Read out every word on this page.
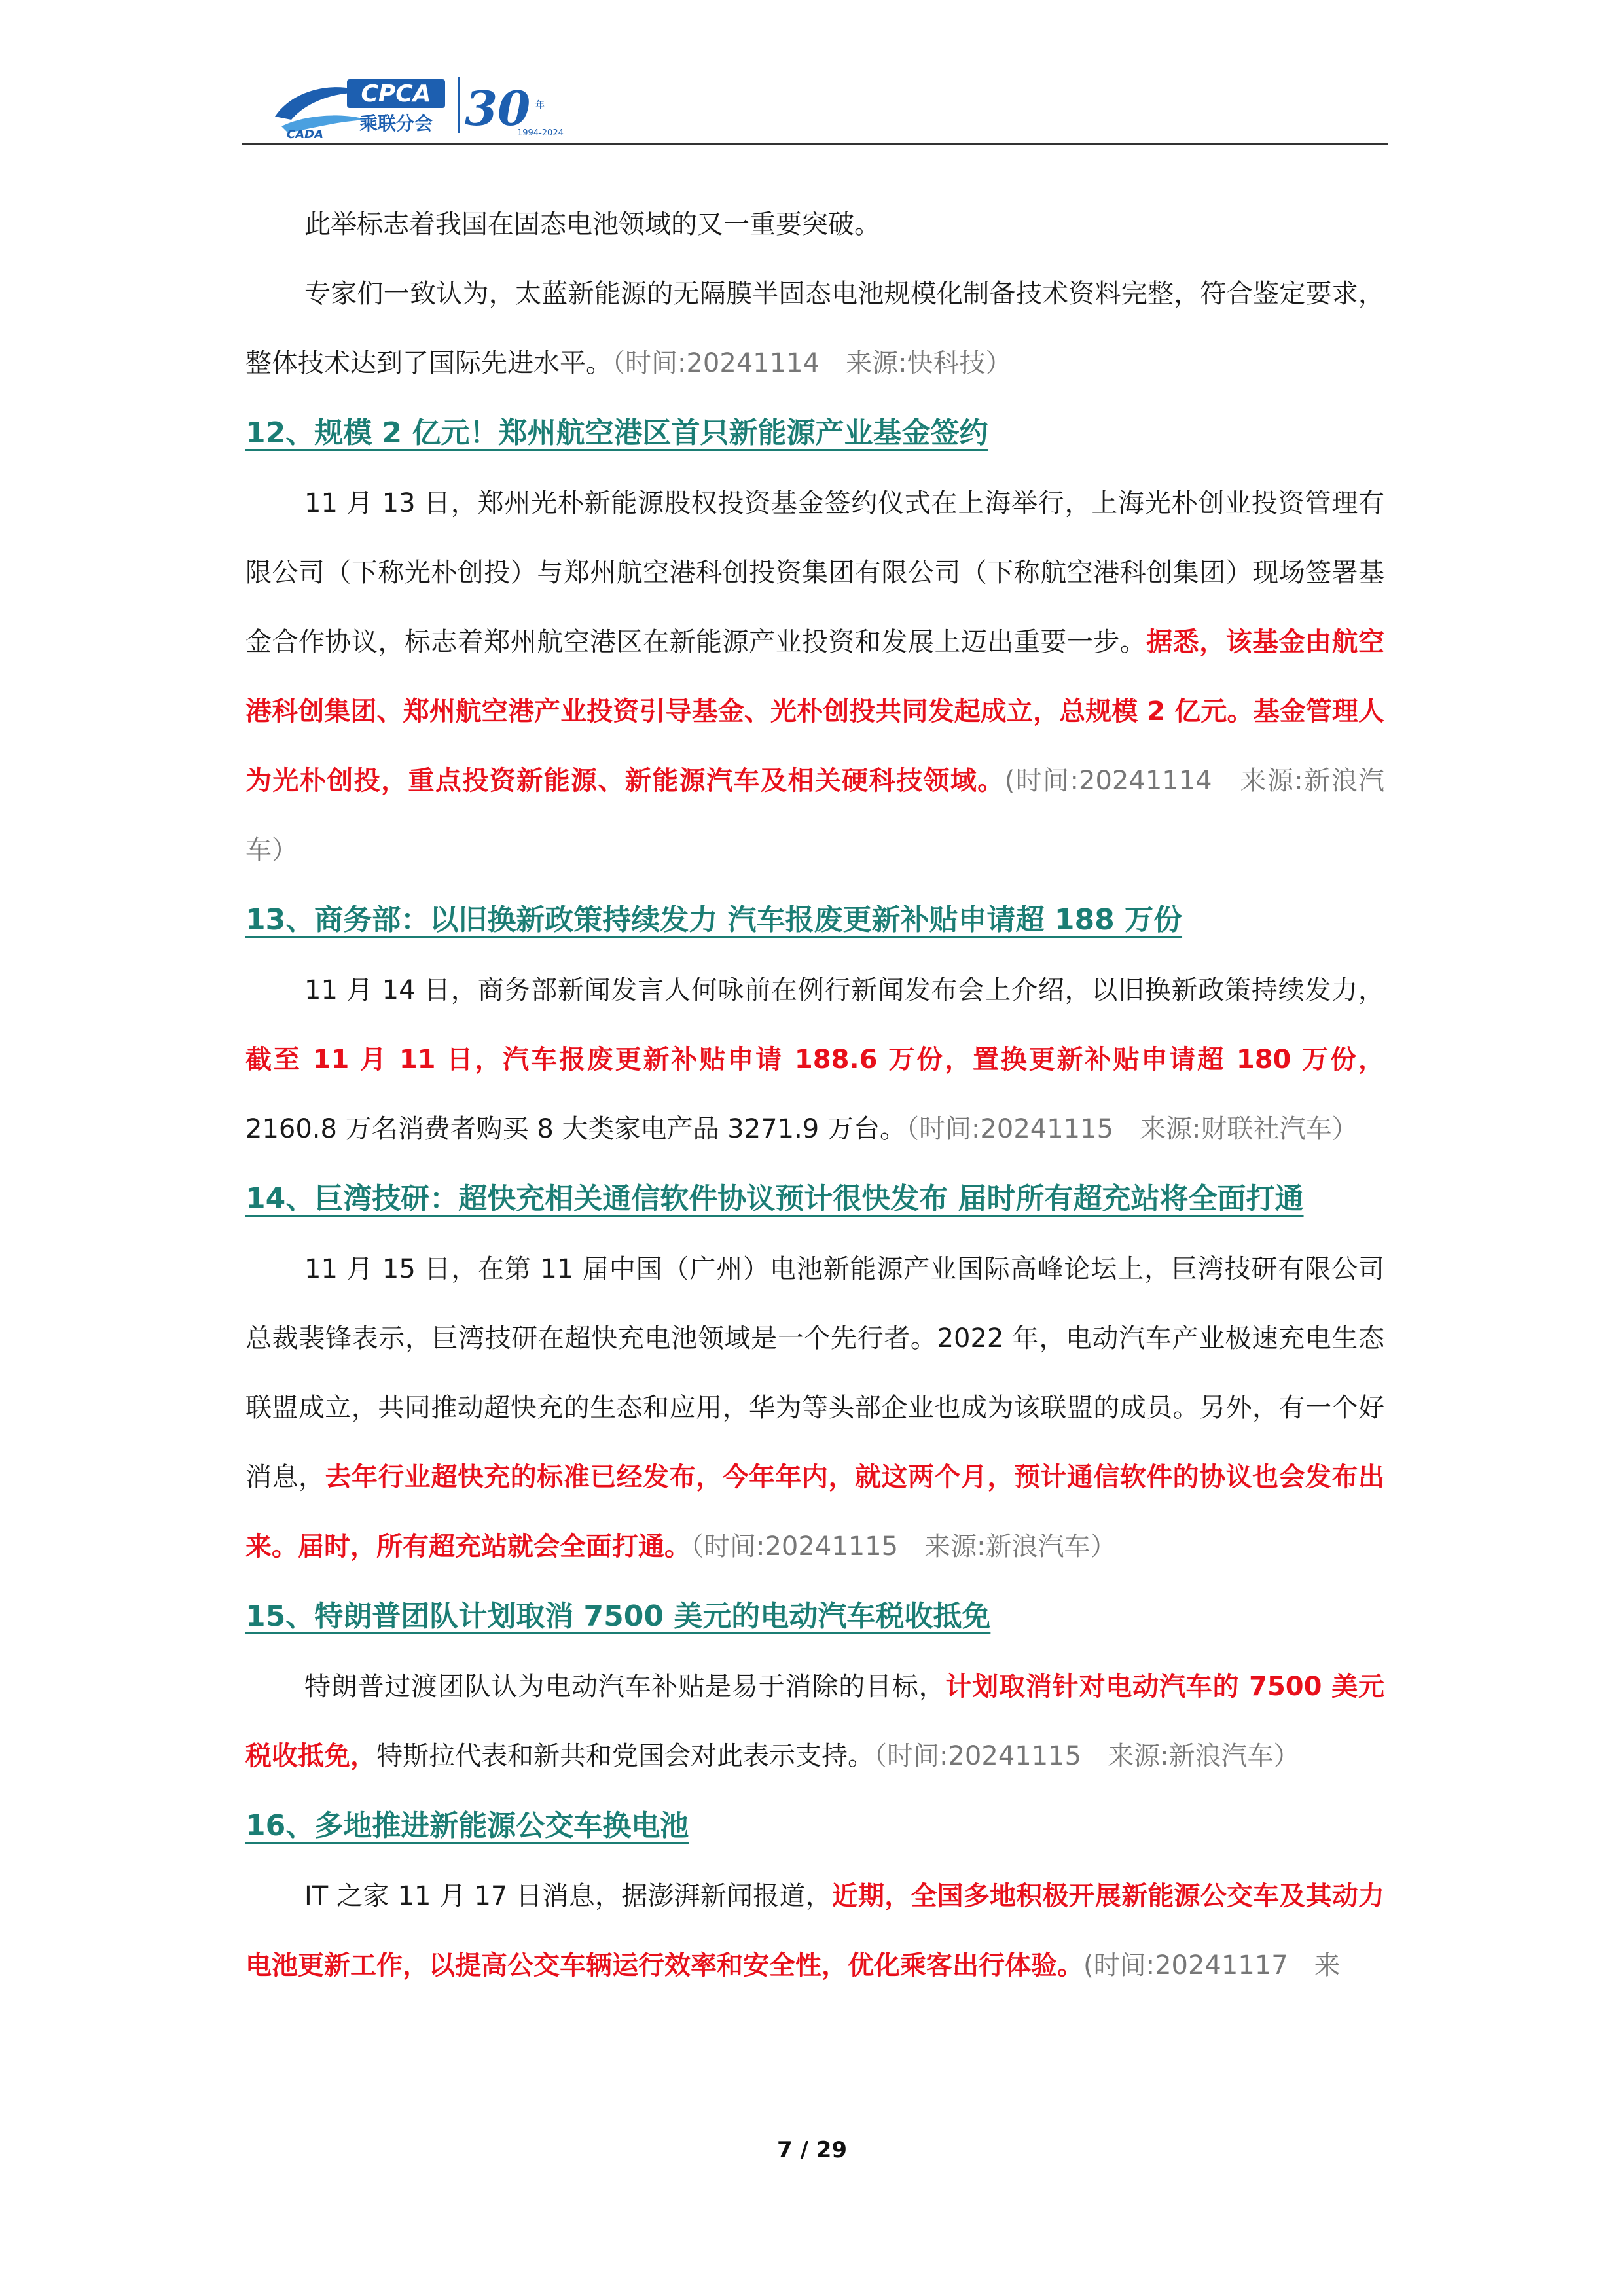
CADA
CPCA
乘联分会 30 年
1994-2024

此举标志着我国在固态电池领域的又一重要突破。

专家们一致认为，太蓝新能源的无隔膜半固态电池规模化制备技术资料完整，符合鉴定要求，整体技术达到了国际先进水平。（时间:20241114　来源:快科技）

12、规模 2 亿元！郑州航空港区首只新能源产业基金签约

11 月 13 日，郑州光朴新能源股权投资基金签约仪式在上海举行，上海光朴创业投资管理有限公司（下称光朴创投）与郑州航空港科创投资集团有限公司（下称航空港科创集团）现场签署基金合作协议，标志着郑州航空港区在新能源产业投资和发展上迈出重要一步。据悉，该基金由航空港科创集团、郑州航空港产业投资引导基金、光朴创投共同发起成立，总规模 2 亿元。基金管理人为光朴创投，重点投资新能源、新能源汽车及相关硬科技领域。(时间:20241114　来源:新浪汽车）

13、商务部：以旧换新政策持续发力 汽车报废更新补贴申请超 188 万份

11 月 14 日，商务部新闻发言人何咏前在例行新闻发布会上介绍，以旧换新政策持续发力，截至 11 月 11 日，汽车报废更新补贴申请 188.6 万份，置换更新补贴申请超 180 万份，2160.8 万名消费者购买 8 大类家电产品 3271.9 万台。（时间:20241115　来源:财联社汽车）

14、巨湾技研：超快充相关通信软件协议预计很快发布 届时所有超充站将全面打通

11 月 15 日，在第 11 届中国（广州）电池新能源产业国际高峰论坛上，巨湾技研有限公司总裁裴锋表示，巨湾技研在超快充电池领域是一个先行者。2022 年，电动汽车产业极速充电生态联盟成立，共同推动超快充的生态和应用，华为等头部企业也成为该联盟的成员。另外，有一个好消息，去年行业超快充的标准已经发布，今年年内，就这两个月，预计通信软件的协议也会发布出来。届时，所有超充站就会全面打通。（时间:20241115　来源:新浪汽车）

15、特朗普团队计划取消 7500 美元的电动汽车税收抵免

特朗普过渡团队认为电动汽车补贴是易于消除的目标，计划取消针对电动汽车的 7500 美元税收抵免，特斯拉代表和新共和党国会对此表示支持。（时间:20241115　来源:新浪汽车）

16、多地推进新能源公交车换电池

IT 之家 11 月 17 日消息，据澎湃新闻报道，近期，全国多地积极开展新能源公交车及其动力电池更新工作，以提高公交车辆运行效率和安全性，优化乘客出行体验。(时间:20241117　来

7 / 29
